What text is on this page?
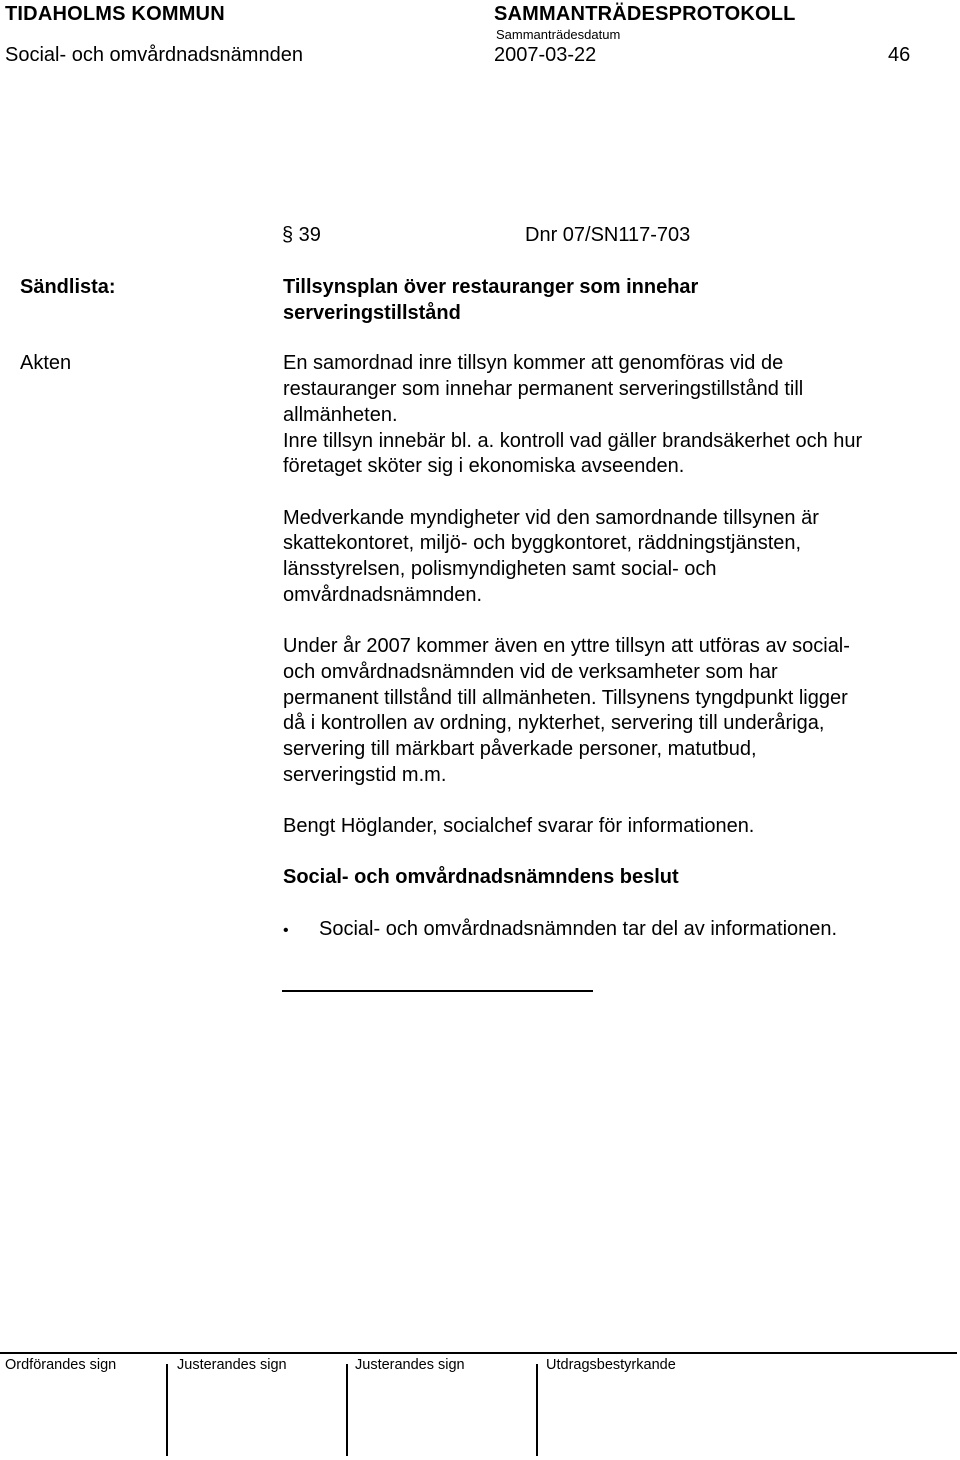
TIDAHOLMS KOMMUN	SAMMANTRÄDESPROTOKOLL
Sammanträdesdatum
Social- och omvårdnadsnämnden	2007-03-22	46
§ 39	Dnr 07/SN117-703
Sändlista:
Akten

Tillsynsplan över restauranger som innehar

serveringstillstånd

En samordnad inre tillsyn kommer att genomföras vid de

restauranger som innehar permanent serveringstillstånd till

allmänheten.

Inre tillsyn innebär bl. a. kontroll vad gäller brandsäkerhet och hur

företaget sköter sig i ekonomiska avseenden.

Medverkande myndigheter vid den samordnande tillsynen är

skattekontoret, miljö- och byggkontoret, räddningstjänsten,

länsstyrelsen, polismyndigheten samt social- och

omvårdnadsnämnden.

Under år 2007 kommer även en yttre tillsyn att utföras av social-

och omvårdnadsnämnden vid de verksamheter som har

permanent tillstånd till allmänheten. Tillsynens tyngdpunkt ligger

då i kontrollen av ordning, nykterhet, servering till underåriga,

servering till märkbart påverkade personer, matutbud,

serveringstid m.m.

Bengt Höglander, socialchef svarar för informationen.

Social- och omvårdnadsnämndens beslut

•	Social- och omvårdnadsnämnden tar del av informationen.
Ordförandes sign	Justerandes sign	Justerandes sign	Utdragsbestyrkande
